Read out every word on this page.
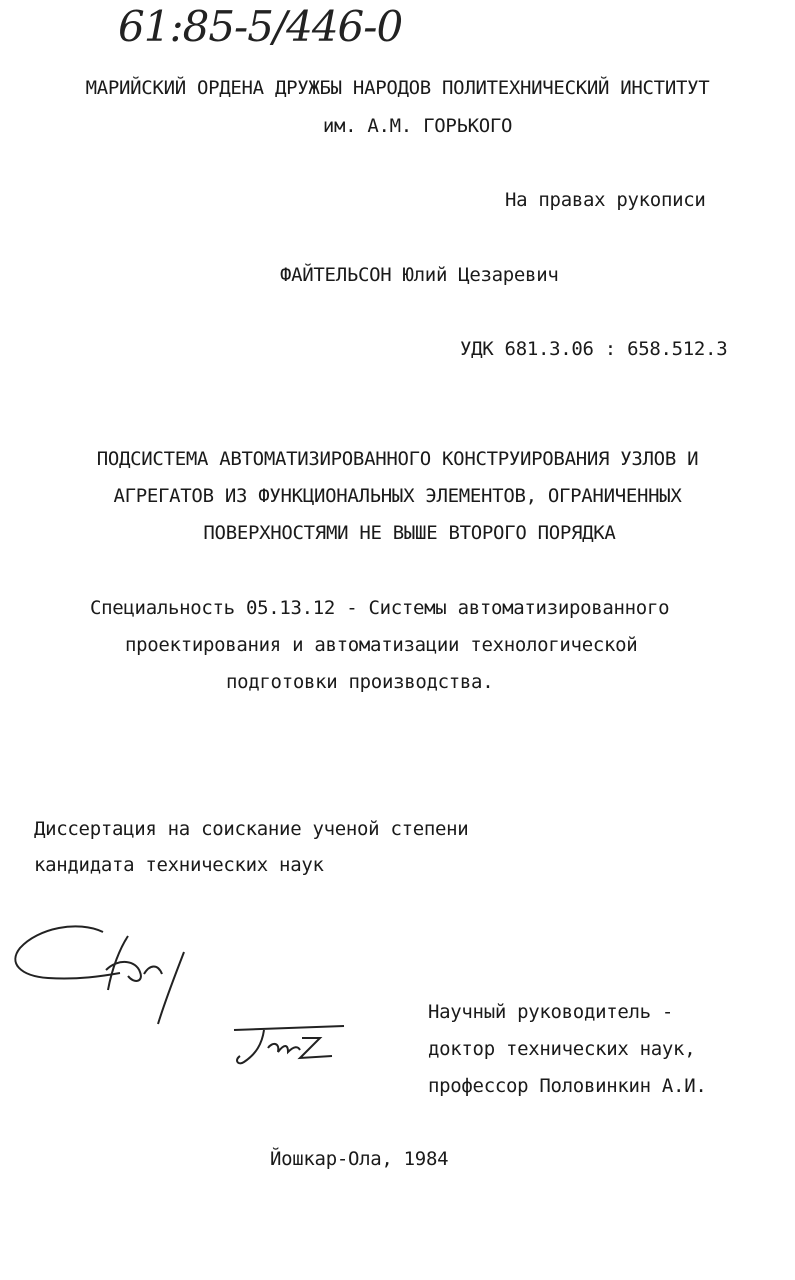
61:85-5/446-0
МАРИЙСКИЙ ОРДЕНА ДРУЖБЫ НАРОДОВ ПОЛИТЕХНИЧЕСКИЙ ИНСТИТУТ
им. А.М. ГОРЬКОГО
На правах рукописи
ФАЙТЕЛЬСОН Юлий Цезаревич
УДК 681.3.06 : 658.512.3
ПОДСИСТЕМА АВТОМАТИЗИРОВАННОГО КОНСТРУИРОВАНИЯ УЗЛОВ И
АГРЕГАТОВ ИЗ ФУНКЦИОНАЛЬНЫХ ЭЛЕМЕНТОВ, ОГРАНИЧЕННЫХ
ПОВЕРХНОСТЯМИ НЕ ВЫШЕ ВТОРОГО ПОРЯДКА
Специальность 05.13.12 - Системы автоматизированного
проектирования и автоматизации технологической
подготовки производства.
Диссертация на соискание ученой степени
кандидата технических наук
Научный руководитель -
доктор технических наук,
профессор Половинкин А.И.
Йошкар-Ола, 1984
